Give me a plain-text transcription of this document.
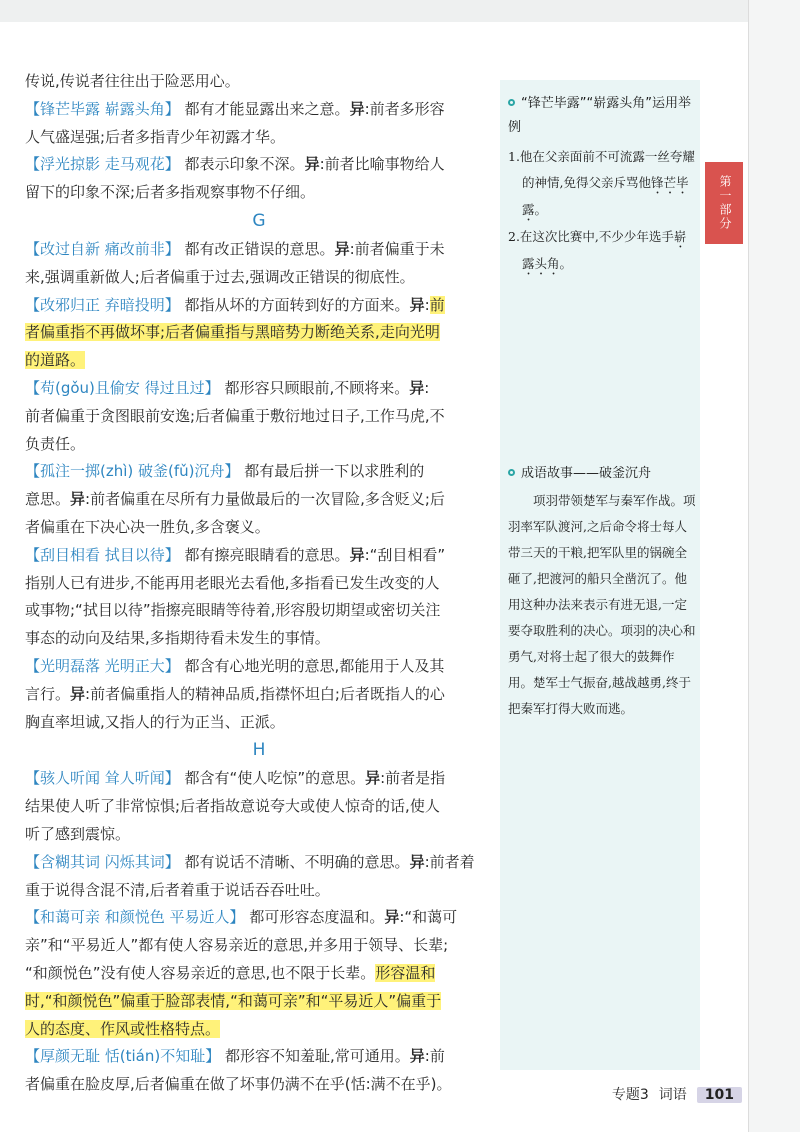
第一部分
传说,传说者往往出于险恶用心。
【锋芒毕露 崭露头角】 都有才能显露出来之意。异:前者多形容
人气盛逞强;后者多指青少年初露才华。
【浮光掠影 走马观花】 都表示印象不深。异:前者比喻事物给人
留下的印象不深;后者多指观察事物不仔细。
G
【改过自新 痛改前非】 都有改正错误的意思。异:前者偏重于未
来,强调重新做人;后者偏重于过去,强调改正错误的彻底性。
【改邪归正 弃暗投明】 都指从坏的方面转到好的方面来。异:前
者偏重指不再做坏事;后者偏重指与黑暗势力断绝关系,走向光明
的道路。
【苟(gǒu)且偷安 得过且过】 都形容只顾眼前,不顾将来。异:
前者偏重于贪图眼前安逸;后者偏重于敷衍地过日子,工作马虎,不
负责任。
【孤注一掷(zhì) 破釜(fǔ)沉舟】 都有最后拼一下以求胜利的
意思。异:前者偏重在尽所有力量做最后的一次冒险,多含贬义;后
者偏重在下决心决一胜负,多含褒义。
【刮目相看 拭目以待】 都有擦亮眼睛看的意思。异:“刮目相看”
指别人已有进步,不能再用老眼光去看他,多指看已发生改变的人
或事物;“拭目以待”指擦亮眼睛等待着,形容殷切期望或密切关注
事态的动向及结果,多指期待看未发生的事情。
【光明磊落 光明正大】 都含有心地光明的意思,都能用于人及其
言行。异:前者偏重指人的精神品质,指襟怀坦白;后者既指人的心
胸直率坦诚,又指人的行为正当、正派。
H
【骇人听闻 耸人听闻】 都含有“使人吃惊”的意思。异:前者是指
结果使人听了非常惊惧;后者指故意说夸大或使人惊奇的话,使人
听了感到震惊。
【含糊其词 闪烁其词】 都有说话不清晰、不明确的意思。异:前者着
重于说得含混不清,后者着重于说话吞吞吐吐。
【和蔼可亲 和颜悦色 平易近人】 都可形容态度温和。异:“和蔼可
亲”和“平易近人”都有使人容易亲近的意思,并多用于领导、长辈;
“和颜悦色”没有使人容易亲近的意思,也不限于长辈。形容温和
时,“和颜悦色”偏重于脸部表情,“和蔼可亲”和“平易近人”偏重于
人的态度、作风或性格特点。
【厚颜无耻 恬(tián)不知耻】 都形容不知羞耻,常可通用。异:前
者偏重在脸皮厚,后者偏重在做了坏事仍满不在乎(恬:满不在乎)。
“锋芒毕露”“崭露头角”运用举例
1.他在父亲面前不可流露一丝夸耀的神情,免得父亲斥骂他锋芒毕露。
2.在这次比赛中,不少少年选手崭露头角。
成语故事——破釜沉舟
项羽带领楚军与秦军作战。项羽率军队渡河,之后命令将士每人带三天的干粮,把军队里的锅碗全砸了,把渡河的船只全凿沉了。他用这种办法来表示有进无退,一定要夺取胜利的决心。项羽的决心和勇气,对将士起了很大的鼓舞作用。楚军士气振奋,越战越勇,终于把秦军打得大败而逃。
专题3 词语 101
